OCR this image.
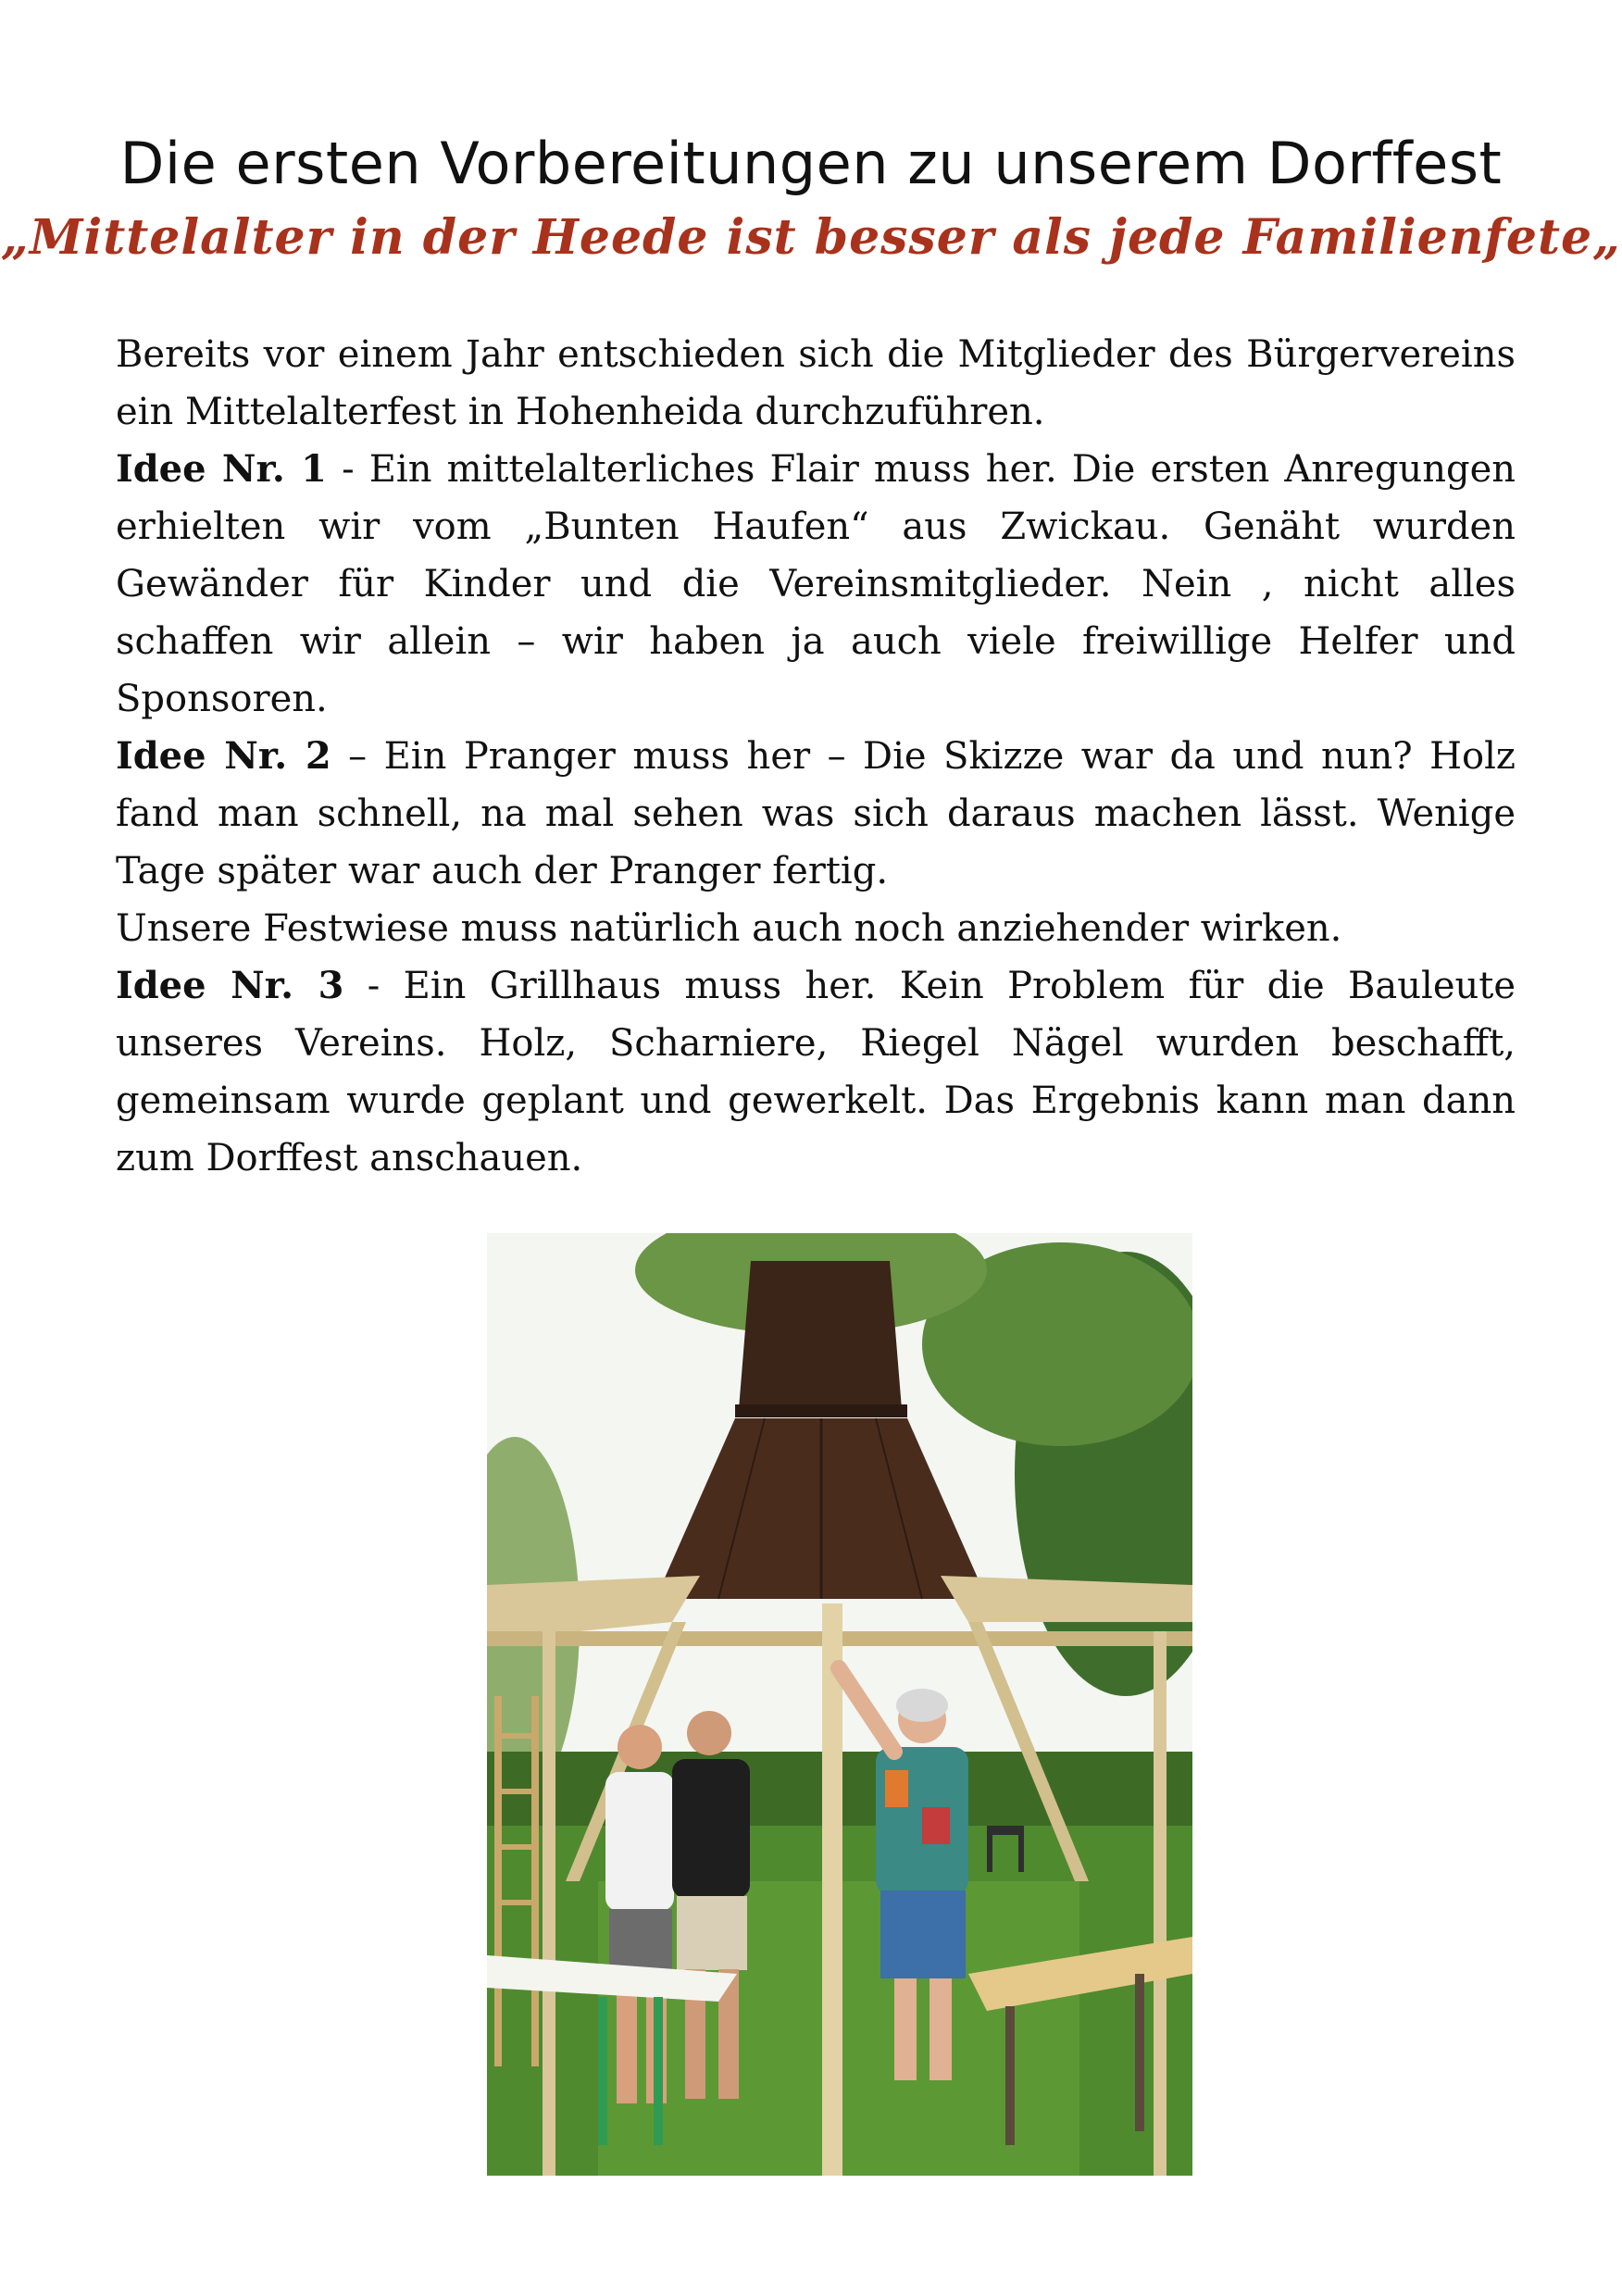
Die ersten Vorbereitungen zu unserem Dorffest
„Mittelalter in der Heede ist besser als jede Familienfete„

Bereits vor einem Jahr entschieden sich die Mitglieder des Bürgervereins ein Mittelalterfest in Hohenheida durchzuführen.

Idee Nr. 1 - Ein mittelalterliches Flair muss her. Die ersten Anregungen erhielten wir vom „Bunten Haufen“ aus Zwickau. Genäht wurden Gewänder für Kinder und die Vereinsmitglieder. Nein , nicht alles schaffen wir allein – wir haben ja auch viele freiwillige Helfer und Sponsoren.

Idee Nr. 2 – Ein Pranger muss her – Die Skizze war da und nun? Holz fand man schnell, na mal sehen was sich daraus machen lässt. Wenige Tage später war auch der Pranger fertig.

Unsere Festwiese muss natürlich auch noch anziehender wirken.

Idee Nr. 3 - Ein Grillhaus muss her. Kein Problem für die Bauleute unseres Vereins. Holz, Scharniere, Riegel Nägel wurden beschafft, gemeinsam wurde geplant und gewerkelt. Das Ergebnis kann man dann zum Dorffest anschauen.
